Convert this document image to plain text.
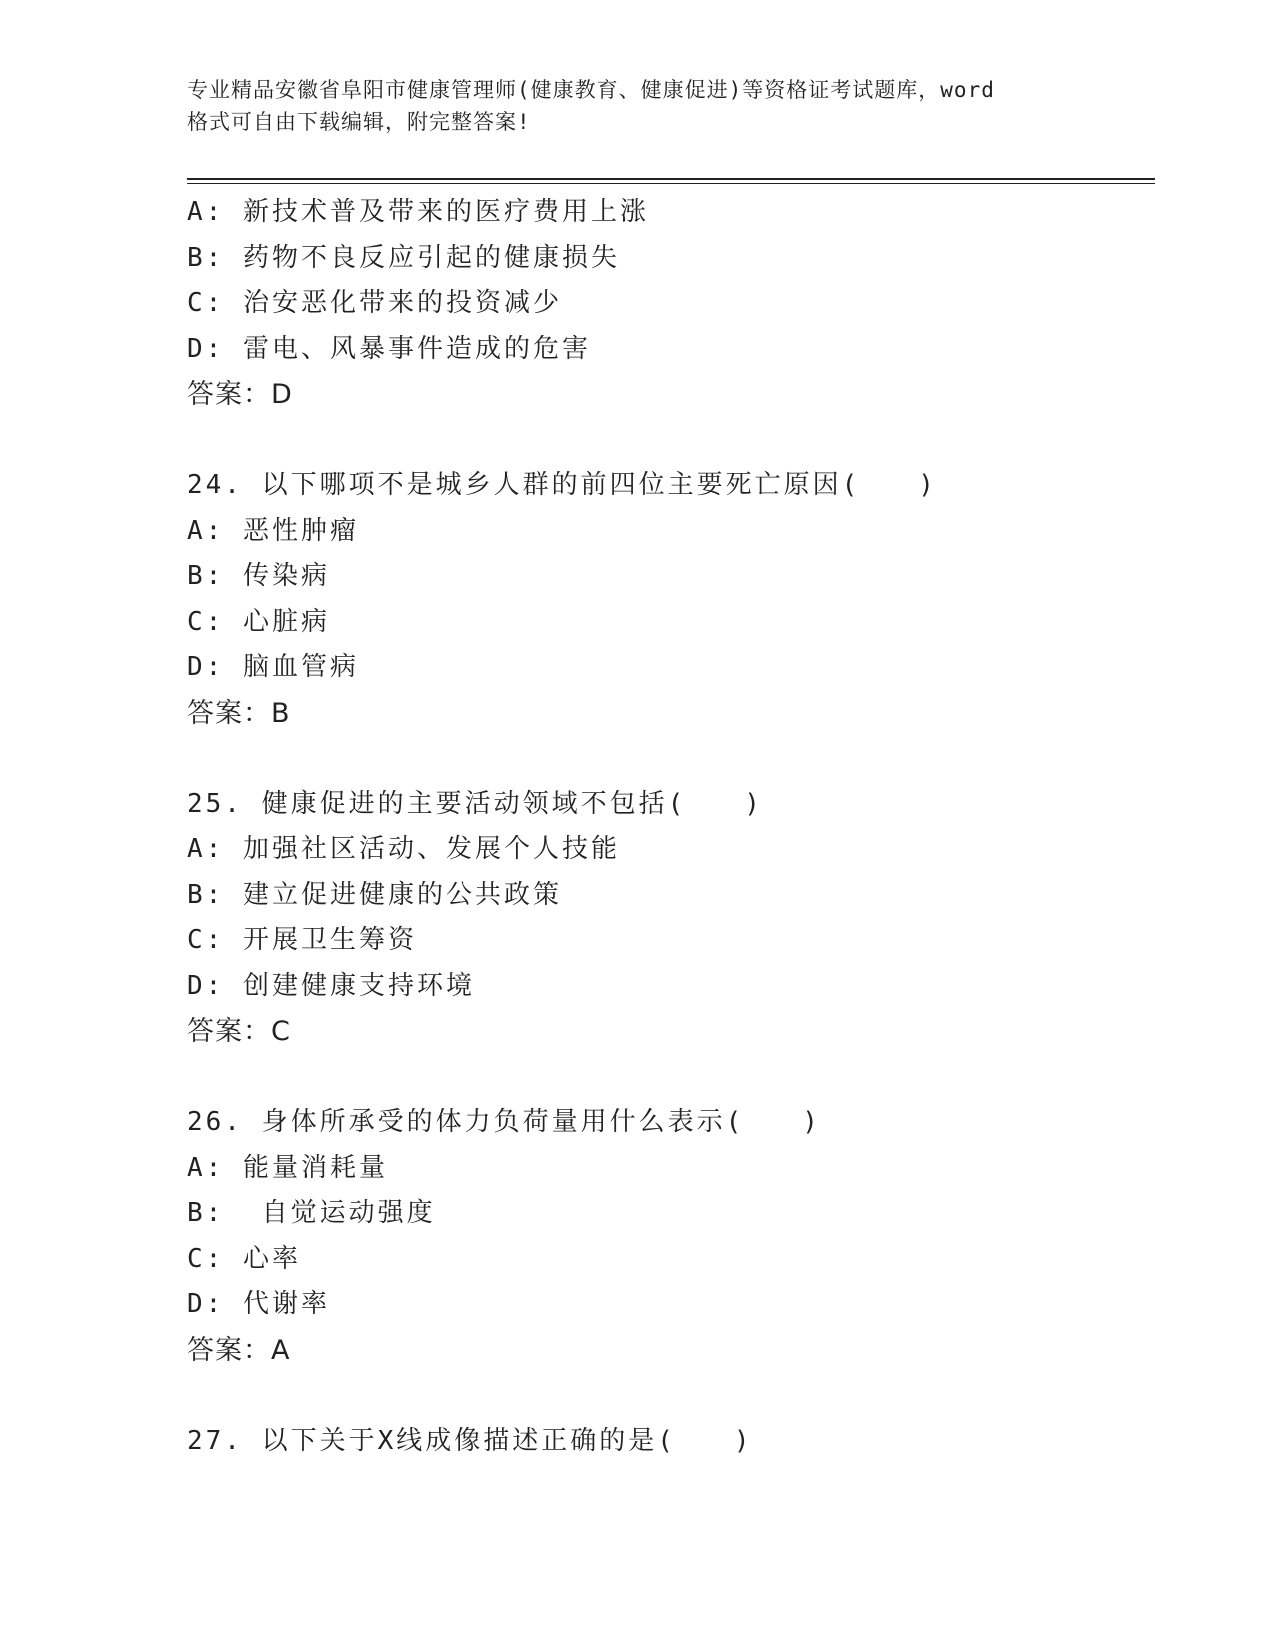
专业精品安徽省阜阳市健康管理师(健康教育、健康促进)等资格证考试题库，word
格式可自由下载编辑，附完整答案!
A: 新技术普及带来的医疗费用上涨
B: 药物不良反应引起的健康损失
C: 治安恶化带来的投资减少
D: 雷电、风暴事件造成的危害
答案：D
24. 以下哪项不是城乡人群的前四位主要死亡原因(　　)
A: 恶性肿瘤
B: 传染病
C: 心脏病
D: 脑血管病
答案：B
25. 健康促进的主要活动领域不包括(　　)
A: 加强社区活动、发展个人技能
B: 建立促进健康的公共政策
C: 开展卫生筹资
D: 创建健康支持环境
答案：C
26. 身体所承受的体力负荷量用什么表示(　　)
A: 能量消耗量
B:  自觉运动强度
C: 心率
D: 代谢率
答案：A
27. 以下关于X线成像描述正确的是(　　)
